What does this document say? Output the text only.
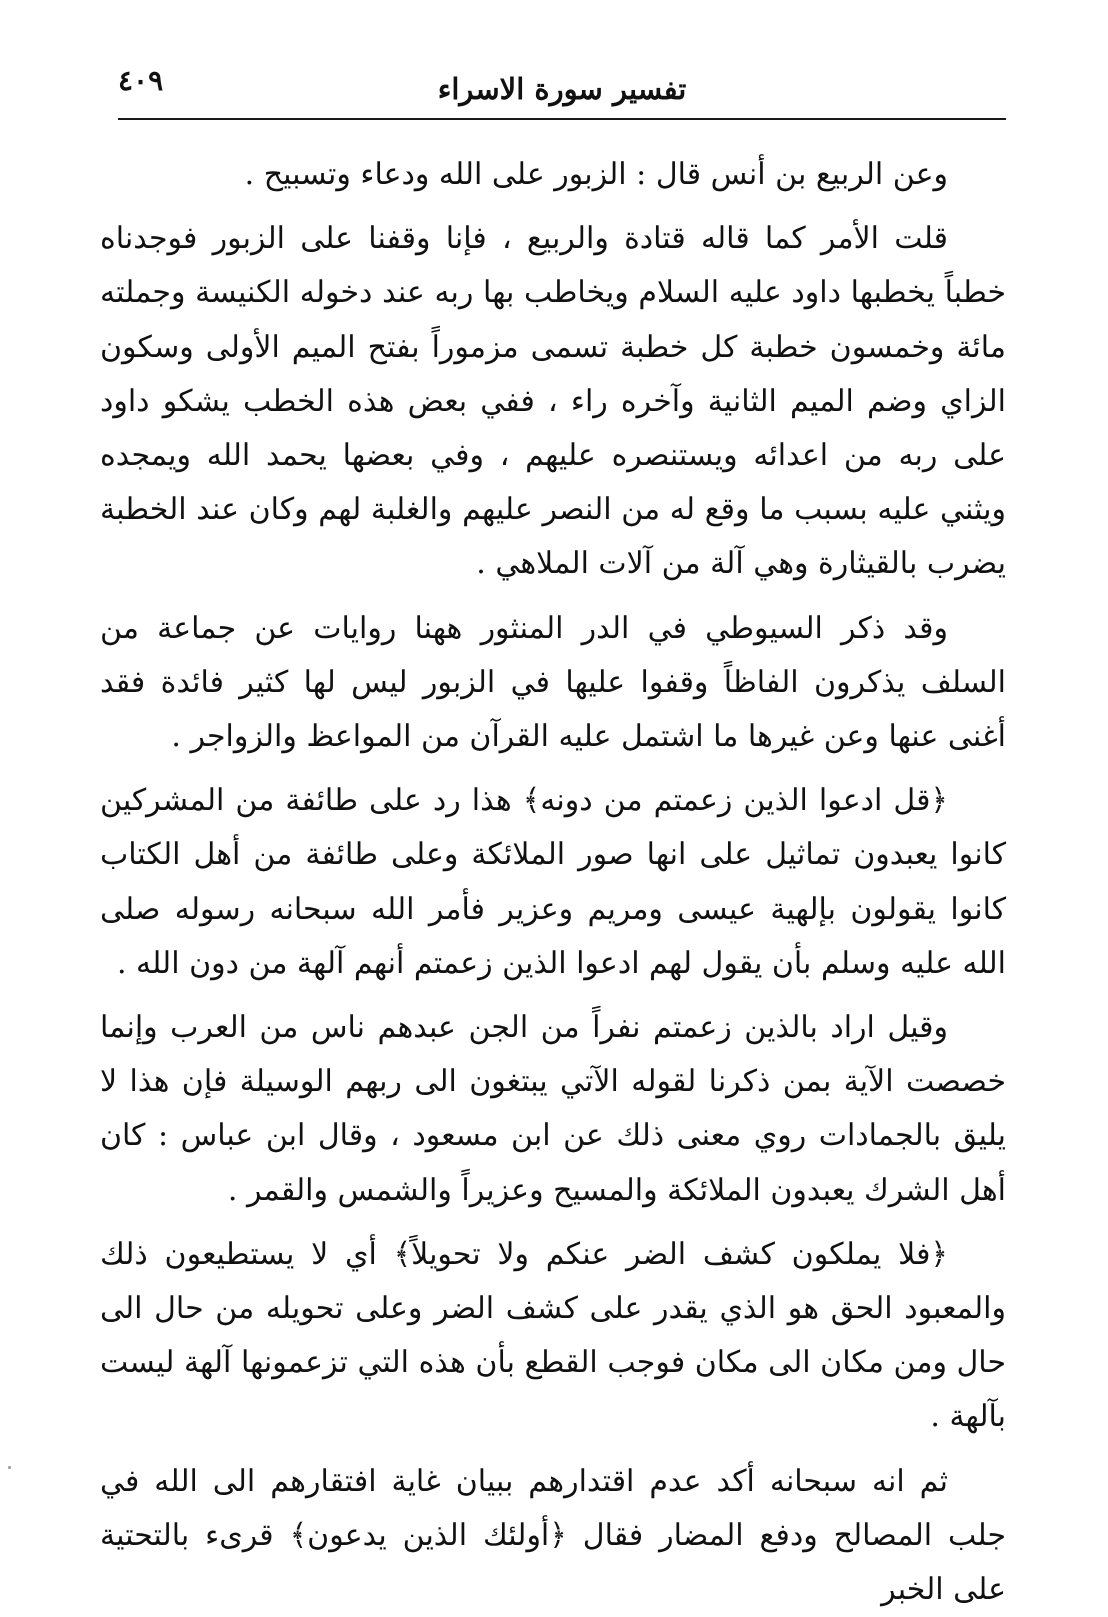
٤٠٩	تفسير سورة الاسراء

وعن الربيع بن أنس قال : الزبور على الله ودعاء وتسبيح .

قلت الأمر كما قاله قتادة والربيع ، فإنا وقفنا على الزبور فوجدناه خطباً يخطبها داود عليه السلام ويخاطب بها ربه عند دخوله الكنيسة وجملته مائة وخمسون خطبة كل خطبة تسمى مزموراً بفتح الميم الأولى وسكون الزاي وضم الميم الثانية وآخره راء ، ففي بعض هذه الخطب يشكو داود على ربه من اعدائه ويستنصره عليهم ، وفي بعضها يحمد الله ويمجده ويثني عليه بسبب ما وقع له من النصر عليهم والغلبة لهم وكان عند الخطبة يضرب بالقيثارة وهي آلة من آلات الملاهي .

وقد ذكر السيوطي في الدر المنثور ههنا روايات عن جماعة من السلف يذكرون الفاظاً وقفوا عليها في الزبور ليس لها كثير فائدة فقد أغنى عنها وعن غيرها ما اشتمل عليه القرآن من المواعظ والزواجر .

﴿قل ادعوا الذين زعمتم من دونه﴾ هذا رد على طائفة من المشركين كانوا يعبدون تماثيل على انها صور الملائكة وعلى طائفة من أهل الكتاب كانوا يقولون بإلهية عيسى ومريم وعزير فأمر الله سبحانه رسوله صلى الله عليه وسلم بأن يقول لهم ادعوا الذين زعمتم أنهم آلهة من دون الله .

وقيل اراد بالذين زعمتم نفراً من الجن عبدهم ناس من العرب وإنما خصصت الآية بمن ذكرنا لقوله الآتي يبتغون الى ربهم الوسيلة فإن هذا لا يليق بالجمادات روي معنى ذلك عن ابن مسعود ، وقال ابن عباس : كان أهل الشرك يعبدون الملائكة والمسيح وعزيراً والشمس والقمر .

﴿فلا يملكون كشف الضر عنكم ولا تحويلاً﴾ أي لا يستطيعون ذلك والمعبود الحق هو الذي يقدر على كشف الضر وعلى تحويله من حال الى حال ومن مكان الى مكان فوجب القطع بأن هذه التي تزعمونها آلهة ليست بآلهة .

ثم انه سبحانه أكد عدم اقتدارهم ببيان غاية افتقارهم الى الله في جلب المصالح ودفع المضار فقال ﴿أولئك الذين يدعون﴾ قرىء بالتحتية على الخبر
